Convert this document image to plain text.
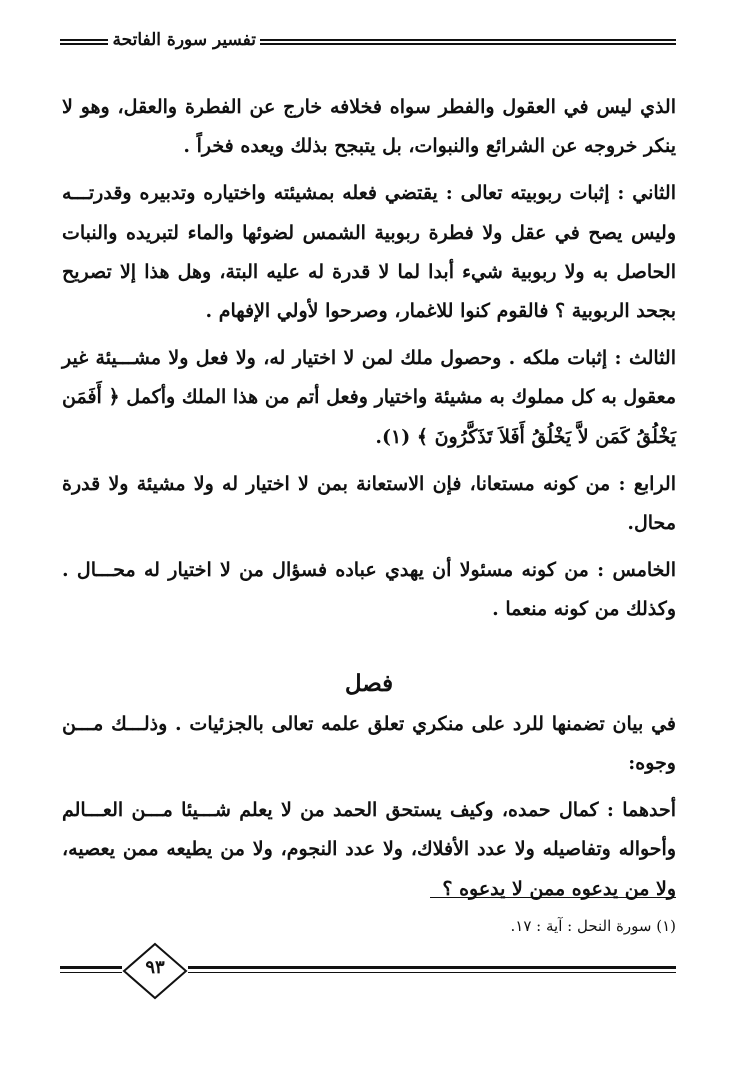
تفسير سورة الفاتحة

الذي ليس في العقول والفطر سواه فخلافه خارج عن الفطرة والعقل، وهو لا ينكر خروجه عن الشرائع والنبوات، بل يتبجح بذلك ويعده فخراً .

الثاني : إثبات ربوبيته تعالى : يقتضي فعله بمشيئته واختياره وتدبيره وقدرتـــه وليس يصح في عقل ولا فطرة ربوبية الشمس لضوئها والماء لتبريده والنبات الحاصل به ولا ربوبية شيء أبدا لما لا قدرة له عليه البتة، وهل هذا إلا تصريح بجحد الربوبية ؟ فالقوم كنوا للاغمار، وصرحوا لأولي الإفهام .

الثالث : إثبات ملكه . وحصول ملك لمن لا اختيار له، ولا فعل ولا مشـــيئة غير معقول به كل مملوك به مشيئة واختيار وفعل أتم من هذا الملك وأكمل ﴿ أَفَمَن يَخْلُقُ كَمَن لاَّ يَخْلُقُ أَفَلاَ تَذَكَّرُونَ ﴾ (١).

الرابع : من كونه مستعانا، فإن الاستعانة بمن لا اختيار له ولا مشيئة ولا قدرة محال.

الخامس : من كونه مسئولا أن يهدي عباده فسؤال من لا اختيار له محـــال . وكذلك من كونه منعما .

فصل

في بيان تضمنها للرد على منكري تعلق علمه تعالى بالجزئيات . وذلـــك مـــن وجوه:

أحدهما : كمال حمده، وكيف يستحق الحمد من لا يعلم شـــيئا مـــن العـــالم وأحواله وتفاصيله ولا عدد الأفلاك، ولا عدد النجوم، ولا من يطيعه ممن يعصيه، ولا من يدعوه ممن لا يدعوه ؟

(١) سورة النحل : آية : ١٧.
٩٣
